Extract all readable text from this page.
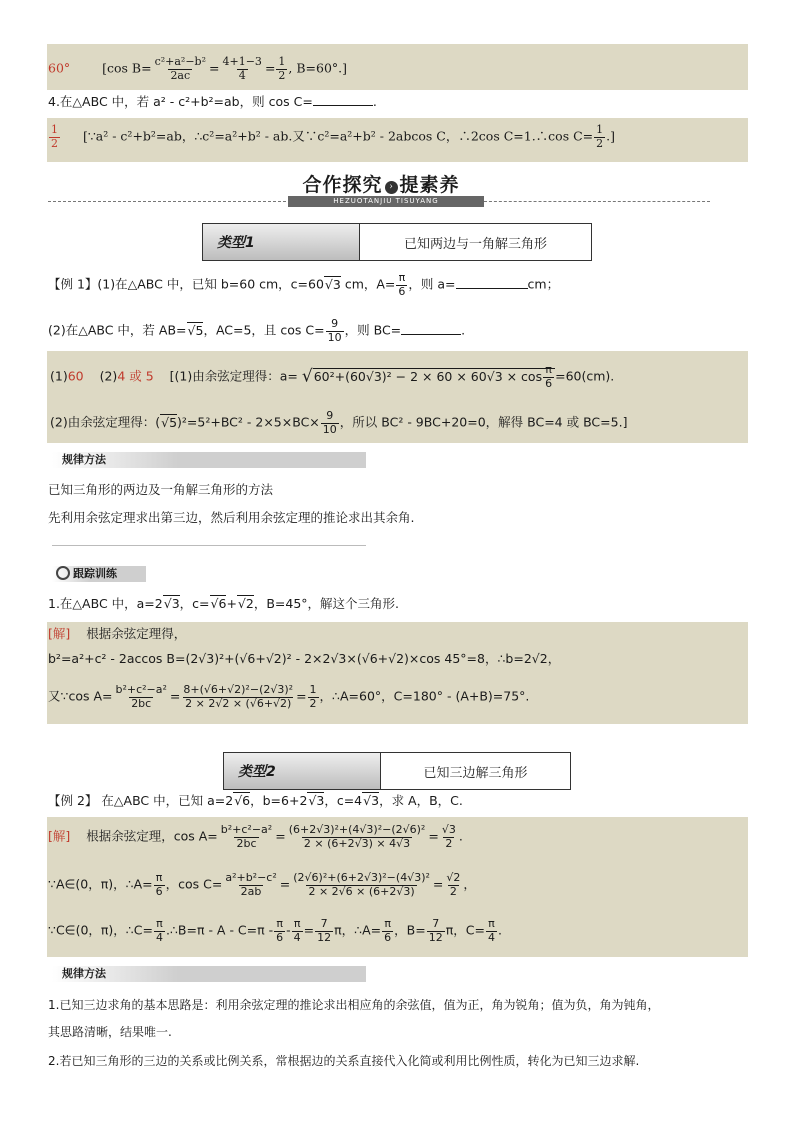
60°	[cos $B= \frac{\text{c²+a²−b²}}{2ac} = \frac{4+1-3}{4} = \frac{1}{2}$ , B=60°.]
4.在△ABC 中，若 a² - c²+b²=ab，则 cos C=	.
$\frac{1}{2}$ [∵a² - c²+b²=ab，∴c²=a²+b² - ab.又∵c²=a²+b² - 2abcos C，∴2cos C=1.∴cos $C= \frac{1}{2}$ .]
合作探究 › 提素养
HEZUOTANJIU TISUYANG
类型1	已知两边与一角解三角形
【例 1】(1)在△ABC 中，已知 b=60 cm，c=60√3 cm，$A= \frac{\pi}{6}$ ，则 a=	cm；
(2)在△ABC 中，若 AB=√5，AC=5，且 $\cos C= \frac{9}{10}$ ，则 BC=	.
(1)60 (2)4 或 5 [(1)由余弦定理得：$a= √60^2+(60√3)^2 - 2 \times 60 \times 60√3 \times \cos \frac{\pi}{6} =60(cm)$.
(2)由余弦定理得：$(√5)^2=5^2+BC^2 - 2\times 5\times BC\times \frac{9}{10}$ ，所以 BC² - 9BC+20=0，解得 BC=4 或 BC=5.]
规律方法
已知三角形的两边及一角解三角形的方法
先利用余弦定理求出第三边，然后利用余弦定理的推论求出其余角.
跟踪训练
1.在△ABC 中，a=2√3，c=√6+√2，B=45°，解这个三角形.
[解] 根据余弦定理得，
b²=a²+c² - 2accos B=(2√3)²+(√6+√2)² - 2×2√3×(√6+√2)×cos 45°=8，∴b=2√2，
又∵cos $A= \frac{\text{b²+c²−a²}}{2bc} = \frac{\text{8+(√6+√2)²−(2√3)²}}{2 \times 2√2 \times (√6+√2)} = \frac{1}{2}$ ，∴A=60°，C=180° - (A+B)=75°.
类型2	已知三边解三角形
【例 2】 在△ABC 中，已知 a=2√6，b=6+2√3，c=4√3，求 A，B，C.
[解] 根据余弦定理，$\cos A= \frac{\text{b²+c²−a²}}{2bc} = \frac{\text{(6+2√3)²+(4√3)²−(2√6)²}}{2 \times (6+2√3) \times 4√3} = \frac{√3}{2}$ .
∵A∈(0，π)，∴A= $\frac{\pi}{6}$ ，$\cos C= \frac{\text{a²+b²−c²}}{2ab} = \frac{\text{(2√6)²+(6+2√3)²−(4√3)²}}{2 \times 2√6 \times (6+2√3)} = \frac{√2}{2}$ ，
∵C∈(0，π)，∴C= $\frac{\pi}{4}$ .∴B=π - $A - C=\pi - \frac{\pi}{6} - \frac{\pi}{4} = \frac{7}{12}$ π，∴A= $\frac{\pi}{6}$ ，$B= \frac{7}{12}$ π，$C= \frac{\pi}{4}$ .
规律方法
1.已知三边求角的基本思路是：利用余弦定理的推论求出相应角的余弦值，值为正，角为锐角；值为负，角为钝角，
其思路清晰，结果唯一.
2.若已知三角形的三边的关系或比例关系，常根据边的关系直接代入化简或利用比例性质，转化为已知三边求解.
